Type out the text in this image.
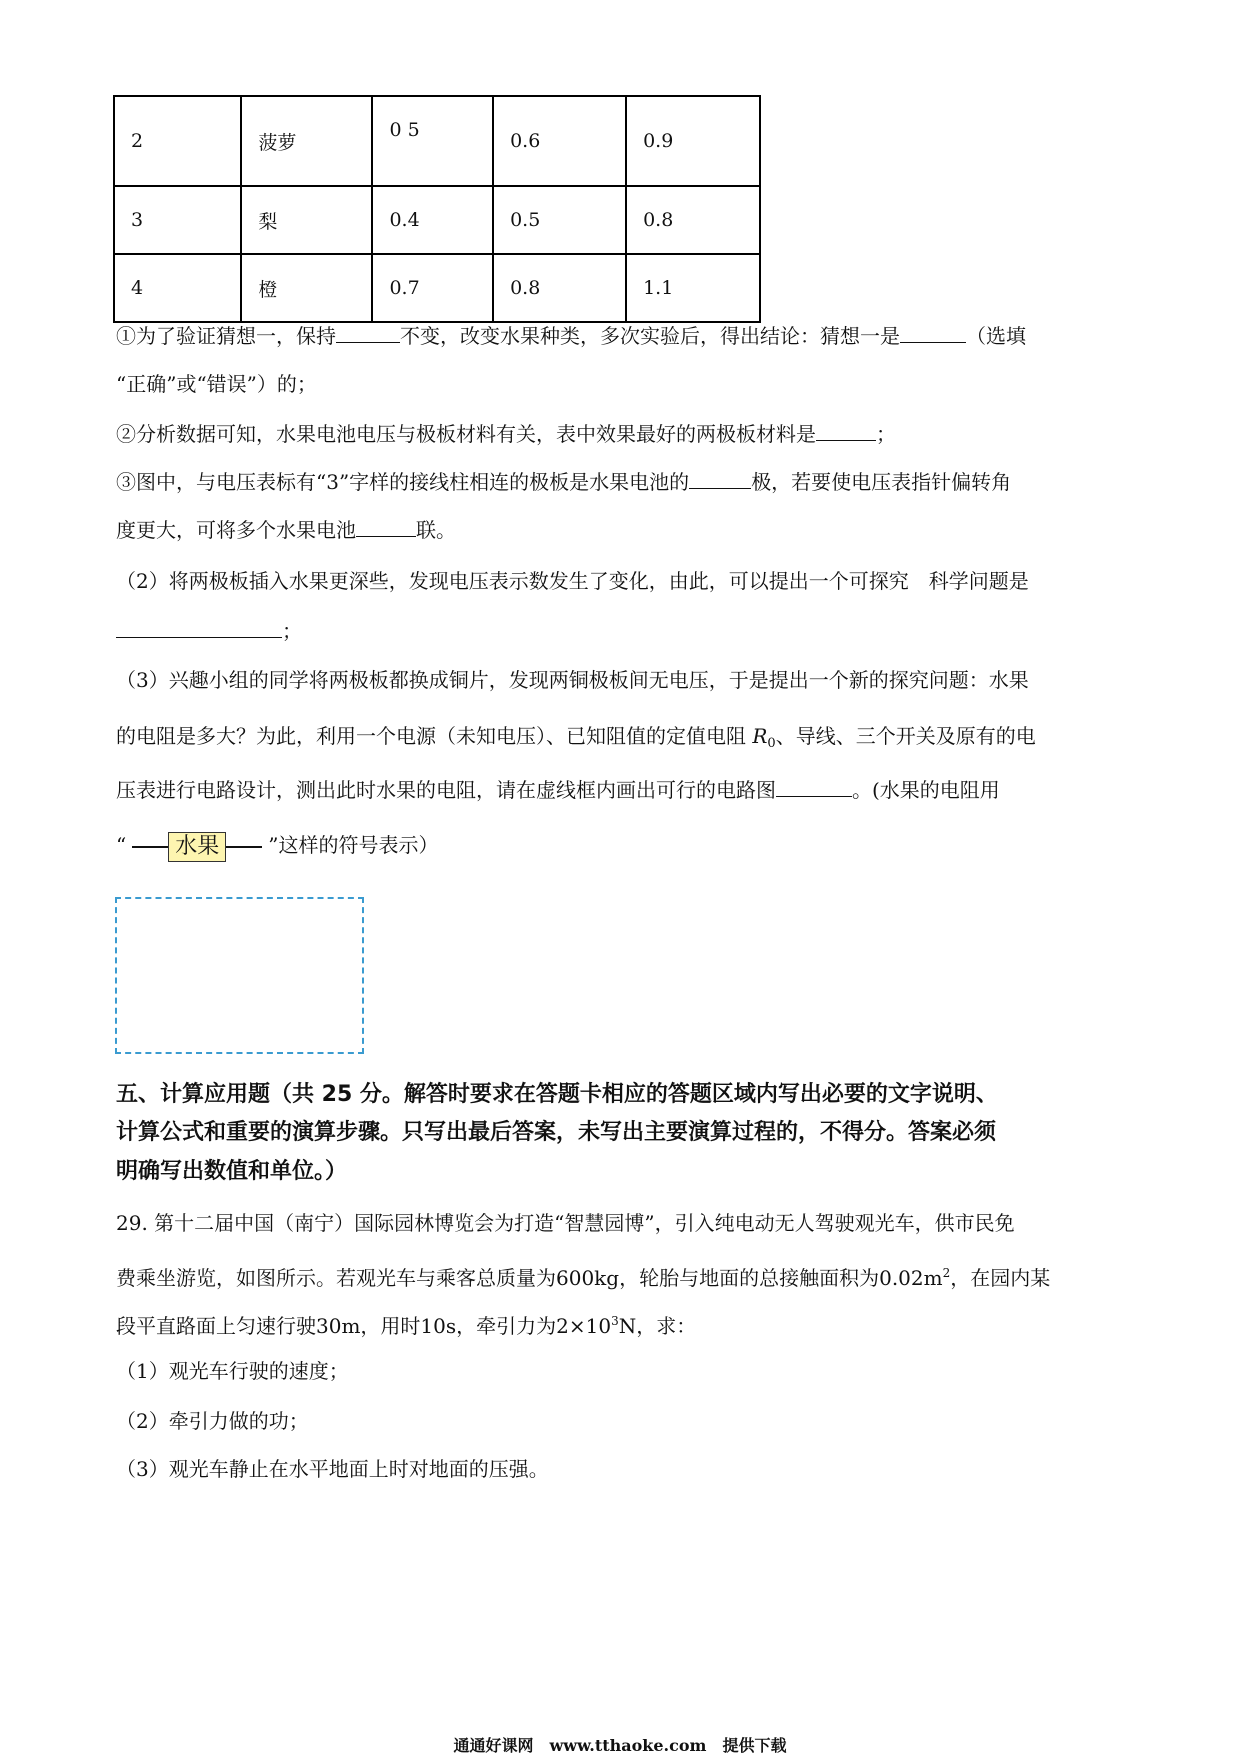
2	菠萝	0 5	0.6	0.9
3	梨	0.4	0.5	0.8
4	橙	0.7	0.8	1.1
①为了验证猜想一，保持	不变，改变水果种类，多次实验后，得出结论：猜想一是	（选填
“正确”或“错误”）的；
②分析数据可知，水果电池电压与极板材料有关，表中效果最好的两极板材料是	；
③图中，与电压表标有“3”字样的接线柱相连的极板是水果电池的	极，若要使电压表指针偏转角
度更大，可将多个水果电池	联。
（2）将两极板插入水果更深些，发现电压表示数发生了变化，由此，可以提出一个可探究　科学问题是
；
（3）兴趣小组的同学将两极板都换成铜片，发现两铜极板间无电压，于是提出一个新的探究问题：水果
的电阻是多大？为此，利用一个电源（未知电压）、已知阻值的定值电阻 $R_0$、导线、三个开关及原有的电
压表进行电路设计，测出此时水果的电阻，请在虚线框内画出可行的电路图	。(水果的电阻用
“	水果	”这样的符号表示）
五、计算应用题（共 25 分。解答时要求在答题卡相应的答题区域内写出必要的文字说明、
计算公式和重要的演算步骤。只写出最后答案，未写出主要演算过程的，不得分。答案必须
明确写出数值和单位。）
29. 第十二届中国（南宁）国际园林博览会为打造“智慧园博”，引入纯电动无人驾驶观光车，供市民免
费乘坐游览，如图所示。若观光车与乘客总质量为600kg，轮胎与地面的总接触面积为$0.02m^2$，在园内某
段平直路面上匀速行驶30m，用时10s，牵引力为$2\times 10^3N$，求：
（1）观光车行驶的速度；
（2）牵引力做的功；
（3）观光车静止在水平地面上时对地面的压强。
通通好课网　www.tthaoke.com　提供下载
